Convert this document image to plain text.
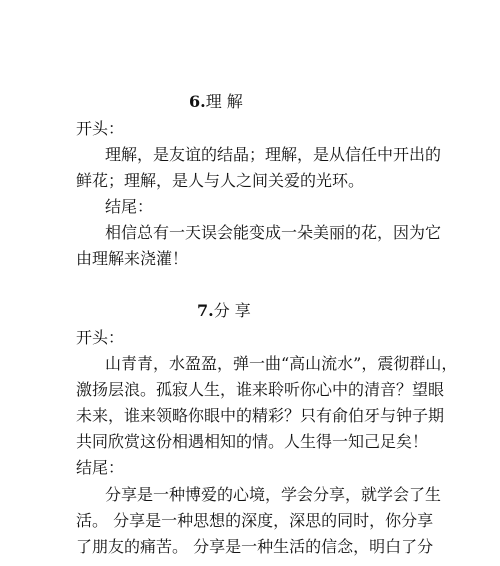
6.理 解
开头：
理解，是友谊的结晶；理解，是从信任中开出的
鲜花；理解，是人与人之间关爱的光环。
结尾：
相信总有一天误会能变成一朵美丽的花，因为它
由理解来浇灌！
7.分 享
开头：
山青青，水盈盈，弹一曲“高山流水”，震彻群山，
激扬层浪。孤寂人生，谁来聆听你心中的清音？望眼
未来，谁来领略你眼中的精彩？只有俞伯牙与钟子期
共同欣赏这份相遇相知的情。人生得一知己足矣！
结尾：
分享是一种博爱的心境，学会分享，就学会了生
活。 分享是一种思想的深度，深思的同时，你分享
了朋友的痛苦。 分享是一种生活的信念，明白了分
